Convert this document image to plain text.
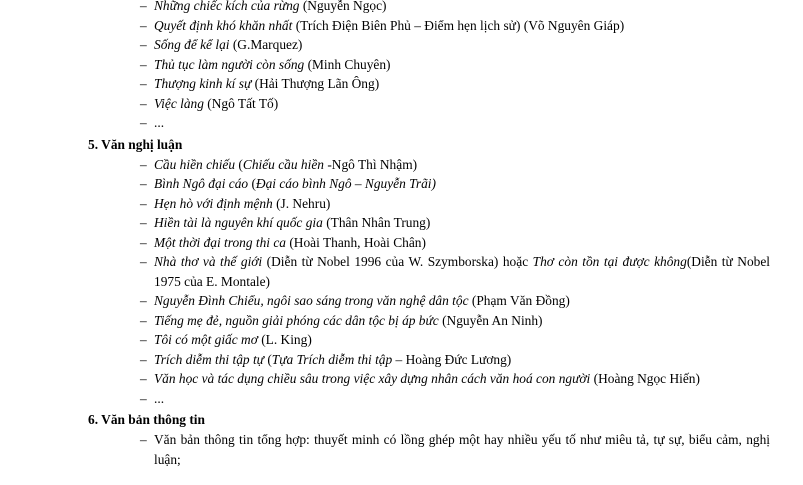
– Những chiếc kích của rừng (Nguyễn Ngọc)
– Quyết định khó khăn nhất (Trích Điện Biên Phủ – Điểm hẹn lịch sử) (Võ Nguyên Giáp)
– Sống để kể lại (G.Marquez)
– Thủ tục làm người còn sống (Minh Chuyên)
– Thượng kinh kí sự (Hải Thượng Lãn Ông)
– Việc làng (Ngô Tất Tố)
– ...
5. Văn nghị luận
– Cầu hiền chiếu (Chiếu cầu hiền -Ngô Thì Nhậm)
– Bình Ngô đại cáo (Đại cáo bình Ngô – Nguyễn Trãi)
– Hẹn hò với định mệnh (J. Nehru)
– Hiền tài là nguyên khí quốc gia (Thân Nhân Trung)
– Một thời đại trong thi ca (Hoài Thanh, Hoài Chân)
– Nhà thơ và thế giới (Diễn từ Nobel 1996 của W. Szymborska) hoặc Thơ còn tồn tại được không(Diễn từ Nobel 1975 của E. Montale)
– Nguyễn Đình Chiểu, ngôi sao sáng trong văn nghệ dân tộc (Phạm Văn Đồng)
– Tiếng mẹ đẻ, nguồn giải phóng các dân tộc bị áp bức (Nguyễn An Ninh)
– Tôi có một giấc mơ (L. King)
– Trích diễm thi tập tự (Tựa Trích diễm thi tập – Hoàng Đức Lương)
– Văn học và tác dụng chiều sâu trong việc xây dựng nhân cách văn hoá con người (Hoàng Ngọc Hiến)
– ...
6. Văn bản thông tin
– Văn bản thông tin tổng hợp: thuyết minh có lồng ghép một hay nhiều yếu tố như miêu tả, tự sự, biểu cảm, nghị luận;
